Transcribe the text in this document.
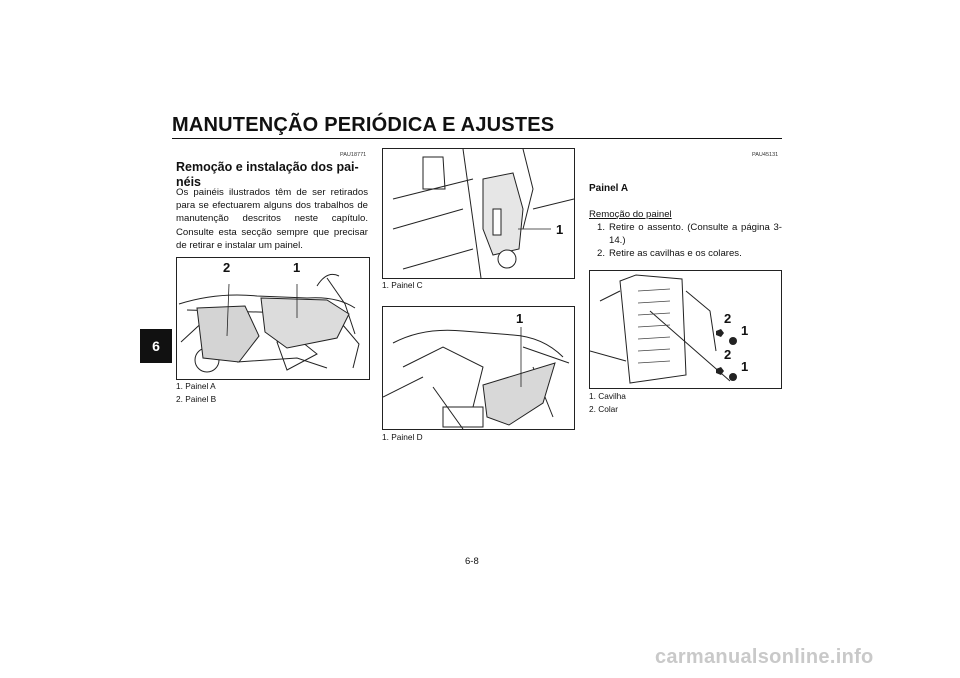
MANUTENÇÃO PERIÓDICA E AJUSTES
6
PAU18771
Remoção e instalação dos pai-néis

Os painéis ilustrados têm de ser retirados para se efectuarem alguns dos trabalhos de manutenção descritos neste capítulo. Consulte esta secção sempre que precisar de retirar e instalar um painel.

2	1
1. Painel A
2. Painel B
1
1. Painel C
1
1. Painel D
PAU45131
Painel A
Remoção do painel
1. Retire o assento. (Consulte a página 3-14.)
2. Retire as cavilhas e os colares.
2
1
2
1
1. Cavilha
2. Colar
6-8
carmanualsonline.info
